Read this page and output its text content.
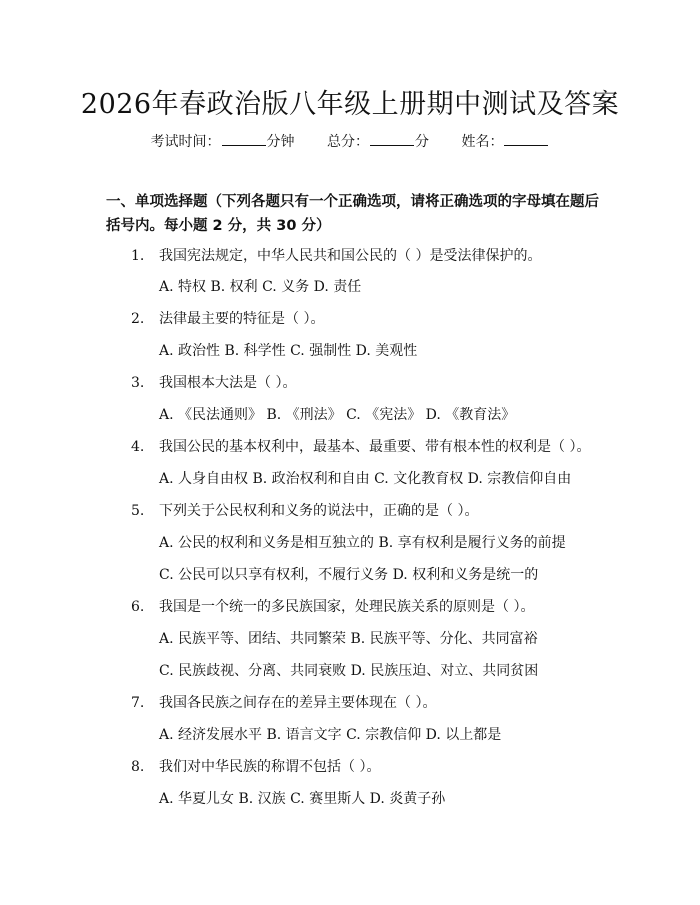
2026年春政治版八年级上册期中测试及答案
考试时间：	分钟 总分：	分 姓名：
一、单项选择题（下列各题只有一个正确选项，请将正确选项的字母填在题后括号内。每小题 2 分，共 30 分）
1. 我国宪法规定，中华人民共和国公民的（ ）是受法律保护的。
A. 特权 B. 权利 C. 义务 D. 责任
2. 法律最主要的特征是（ ）。
A. 政治性 B. 科学性 C. 强制性 D. 美观性
3. 我国根本大法是（ ）。
A. 《民法通则》 B. 《刑法》 C. 《宪法》 D. 《教育法》
4. 我国公民的基本权利中，最基本、最重要、带有根本性的权利是（ ）。
A. 人身自由权 B. 政治权利和自由 C. 文化教育权 D. 宗教信仰自由
5. 下列关于公民权利和义务的说法中，正确的是（ ）。
A. 公民的权利和义务是相互独立的 B. 享有权利是履行义务的前提
C. 公民可以只享有权利，不履行义务 D. 权利和义务是统一的
6. 我国是一个统一的多民族国家，处理民族关系的原则是（ ）。
A. 民族平等、团结、共同繁荣 B. 民族平等、分化、共同富裕
C. 民族歧视、分离、共同衰败 D. 民族压迫、对立、共同贫困
7. 我国各民族之间存在的差异主要体现在（ ）。
A. 经济发展水平 B. 语言文字 C. 宗教信仰 D. 以上都是
8. 我们对中华民族的称谓不包括（ ）。
A. 华夏儿女 B. 汉族 C. 赛里斯人 D. 炎黄子孙
